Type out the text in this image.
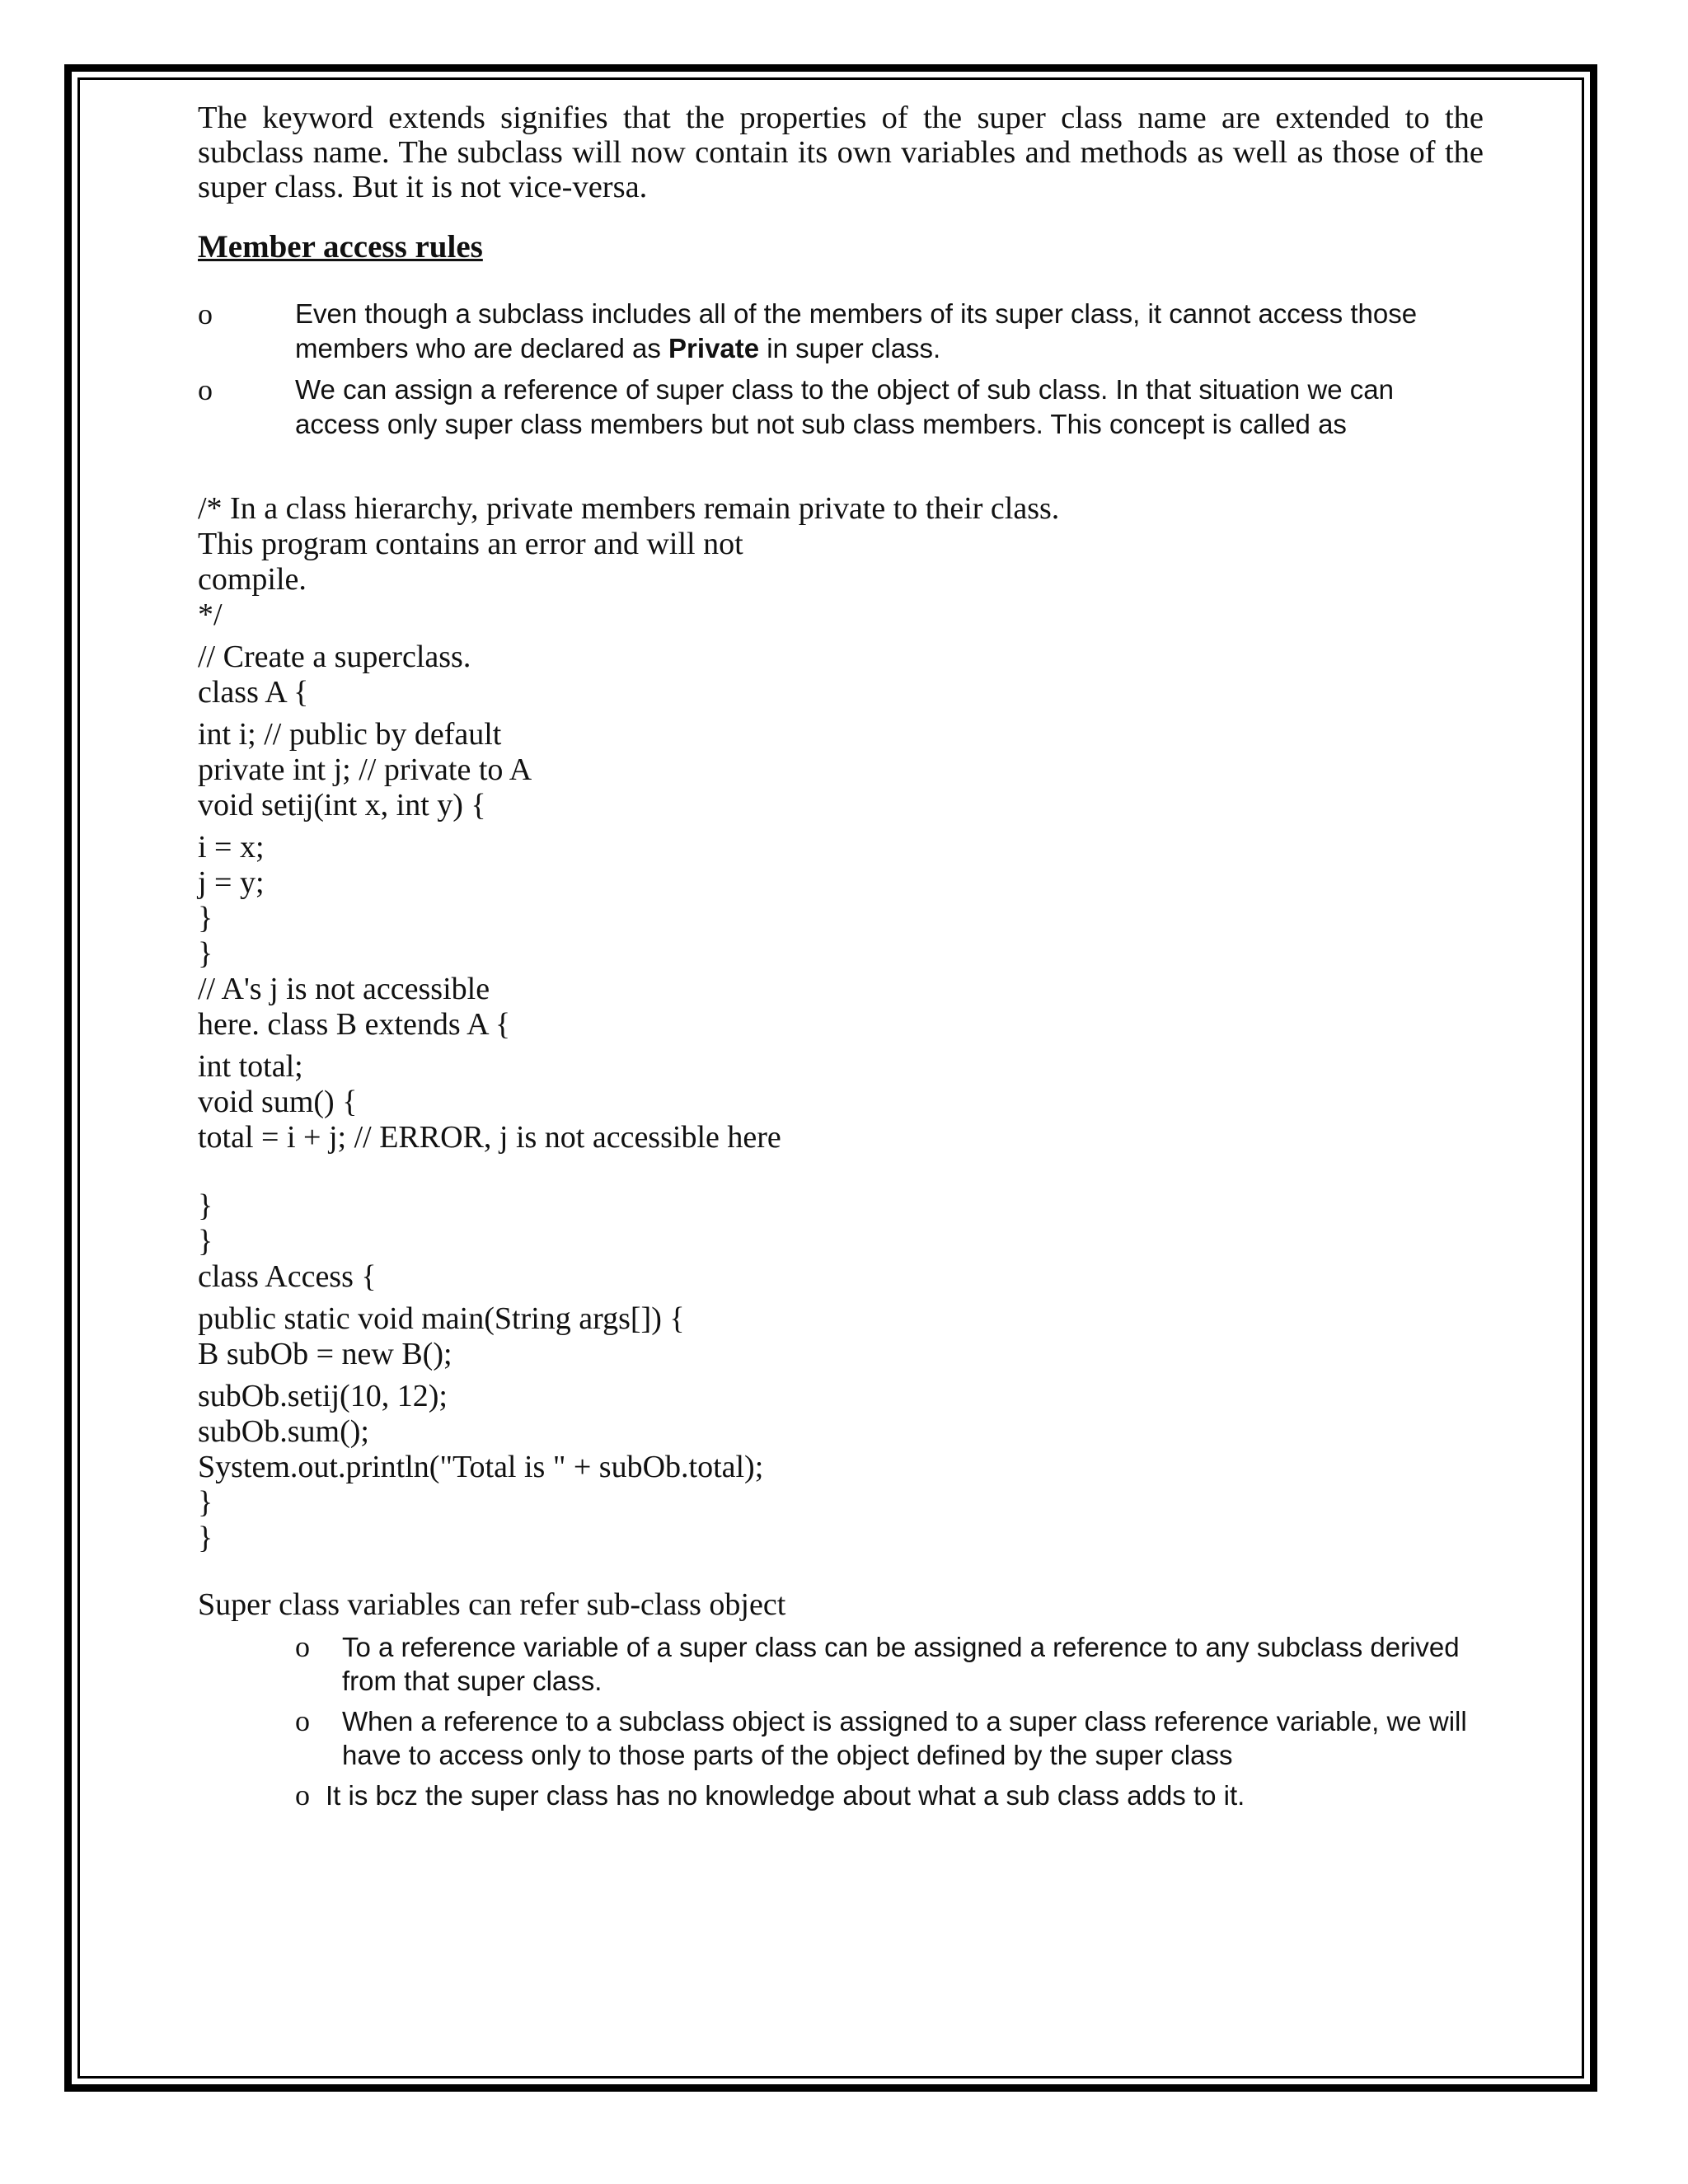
The keyword extends signifies that the properties of the super class name are extended to the subclass name. The subclass will now contain its own variables and methods as well as those of the super class. But it is not vice-versa.

Member access rules
o	Even though a subclass includes all of the members of its super class, it cannot access those members who are declared as Private in super class.
o	We can assign a reference of super class to the object of sub class. In that situation we can access only super class members but not sub class members. This concept is called as
/* In a class hierarchy, private members remain private to their class.
This program contains an error and will not
compile.
*/
// Create a superclass.
class A {
int i; // public by default
private int j; // private to A
void setij(int x, int y) {
i = x;
j = y;
}
}
// A's j is not accessible
here. class B extends A {
int total;
void sum() {
total = i + j; // ERROR, j is not accessible here
}
}
class Access {
public static void main(String args[]) {
B subOb = new B();
subOb.setij(10, 12);
subOb.sum();
System.out.println("Total is " + subOb.total);
}
}
Super class variables can refer sub-class object
o To a reference variable of a super class can be assigned a reference to any subclass derived from that super class.
o When a reference to a subclass object is assigned to a super class reference variable, we will have to access only to those parts of the object defined by the super class
o It is bcz the super class has no knowledge about what a sub class adds to it.
